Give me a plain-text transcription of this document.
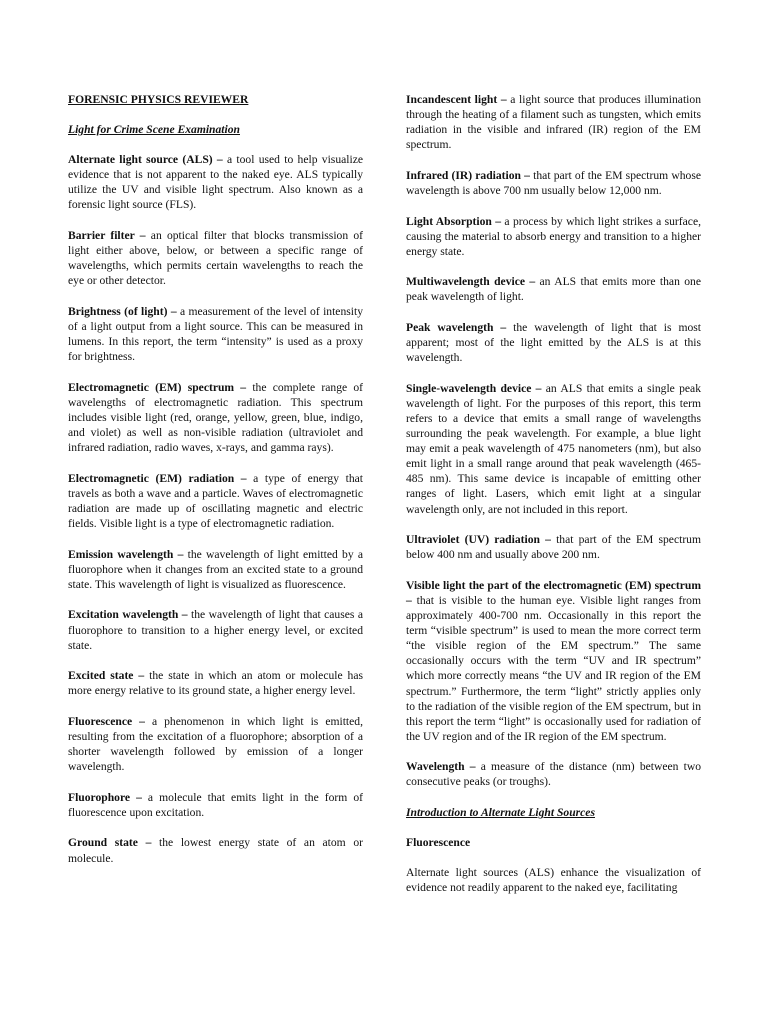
FORENSIC PHYSICS REVIEWER
Light for Crime Scene Examination

Alternate light source (ALS) – a tool used to help visualize evidence that is not apparent to the naked eye. ALS typically utilize the UV and visible light spectrum. Also known as a forensic light source (FLS).

Barrier filter – an optical filter that blocks transmission of light either above, below, or between a specific range of wavelengths, which permits certain wavelengths to reach the eye or other detector.

Brightness (of light) – a measurement of the level of intensity of a light output from a light source. This can be measured in lumens. In this report, the term “intensity” is used as a proxy for brightness.

Electromagnetic (EM) spectrum – the complete range of wavelengths of electromagnetic radiation. This spectrum includes visible light (red, orange, yellow, green, blue, indigo, and violet) as well as non-visible radiation (ultraviolet and infrared radiation, radio waves, x-rays, and gamma rays).

Electromagnetic (EM) radiation – a type of energy that travels as both a wave and a particle. Waves of electromagnetic radiation are made up of oscillating magnetic and electric fields. Visible light is a type of electromagnetic radiation.

Emission wavelength – the wavelength of light emitted by a fluorophore when it changes from an excited state to a ground state. This wavelength of light is visualized as fluorescence.

Excitation wavelength – the wavelength of light that causes a fluorophore to transition to a higher energy level, or excited state.

Excited state – the state in which an atom or molecule has more energy relative to its ground state, a higher energy level.

Fluorescence – a phenomenon in which light is emitted, resulting from the excitation of a fluorophore; absorption of a shorter wavelength followed by emission of a longer wavelength.

Fluorophore – a molecule that emits light in the form of fluorescence upon excitation.

Ground state – the lowest energy state of an atom or molecule.

Incandescent light – a light source that produces illumination through the heating of a filament such as tungsten, which emits radiation in the visible and infrared (IR) region of the EM spectrum.

Infrared (IR) radiation – that part of the EM spectrum whose wavelength is above 700 nm usually below 12,000 nm.

Light Absorption – a process by which light strikes a surface, causing the material to absorb energy and transition to a higher energy state.

Multiwavelength device – an ALS that emits more than one peak wavelength of light.

Peak wavelength – the wavelength of light that is most apparent; most of the light emitted by the ALS is at this wavelength.

Single-wavelength device – an ALS that emits a single peak wavelength of light. For the purposes of this report, this term refers to a device that emits a small range of wavelengths surrounding the peak wavelength. For example, a blue light may emit a peak wavelength of 475 nanometers (nm), but also emit light in a small range around that peak wavelength (465-485 nm). This same device is incapable of emitting other ranges of light. Lasers, which emit light at a singular wavelength only, are not included in this report.

Ultraviolet (UV) radiation – that part of the EM spectrum below 400 nm and usually above 200 nm.

Visible light the part of the electromagnetic (EM) spectrum – that is visible to the human eye. Visible light ranges from approximately 400-700 nm. Occasionally in this report the term “visible spectrum” is used to mean the more correct term “the visible region of the EM spectrum.” The same occasionally occurs with the term “UV and IR spectrum” which more correctly means “the UV and IR region of the EM spectrum.” Furthermore, the term “light” strictly applies only to the radiation of the visible region of the EM spectrum, but in this report the term “light” is occasionally used for radiation of the UV region and of the IR region of the EM spectrum.

Wavelength – a measure of the distance (nm) between two consecutive peaks (or troughs).

Introduction to Alternate Light Sources
Fluorescence

Alternate light sources (ALS) enhance the visualization of evidence not readily apparent to the naked eye, facilitating
